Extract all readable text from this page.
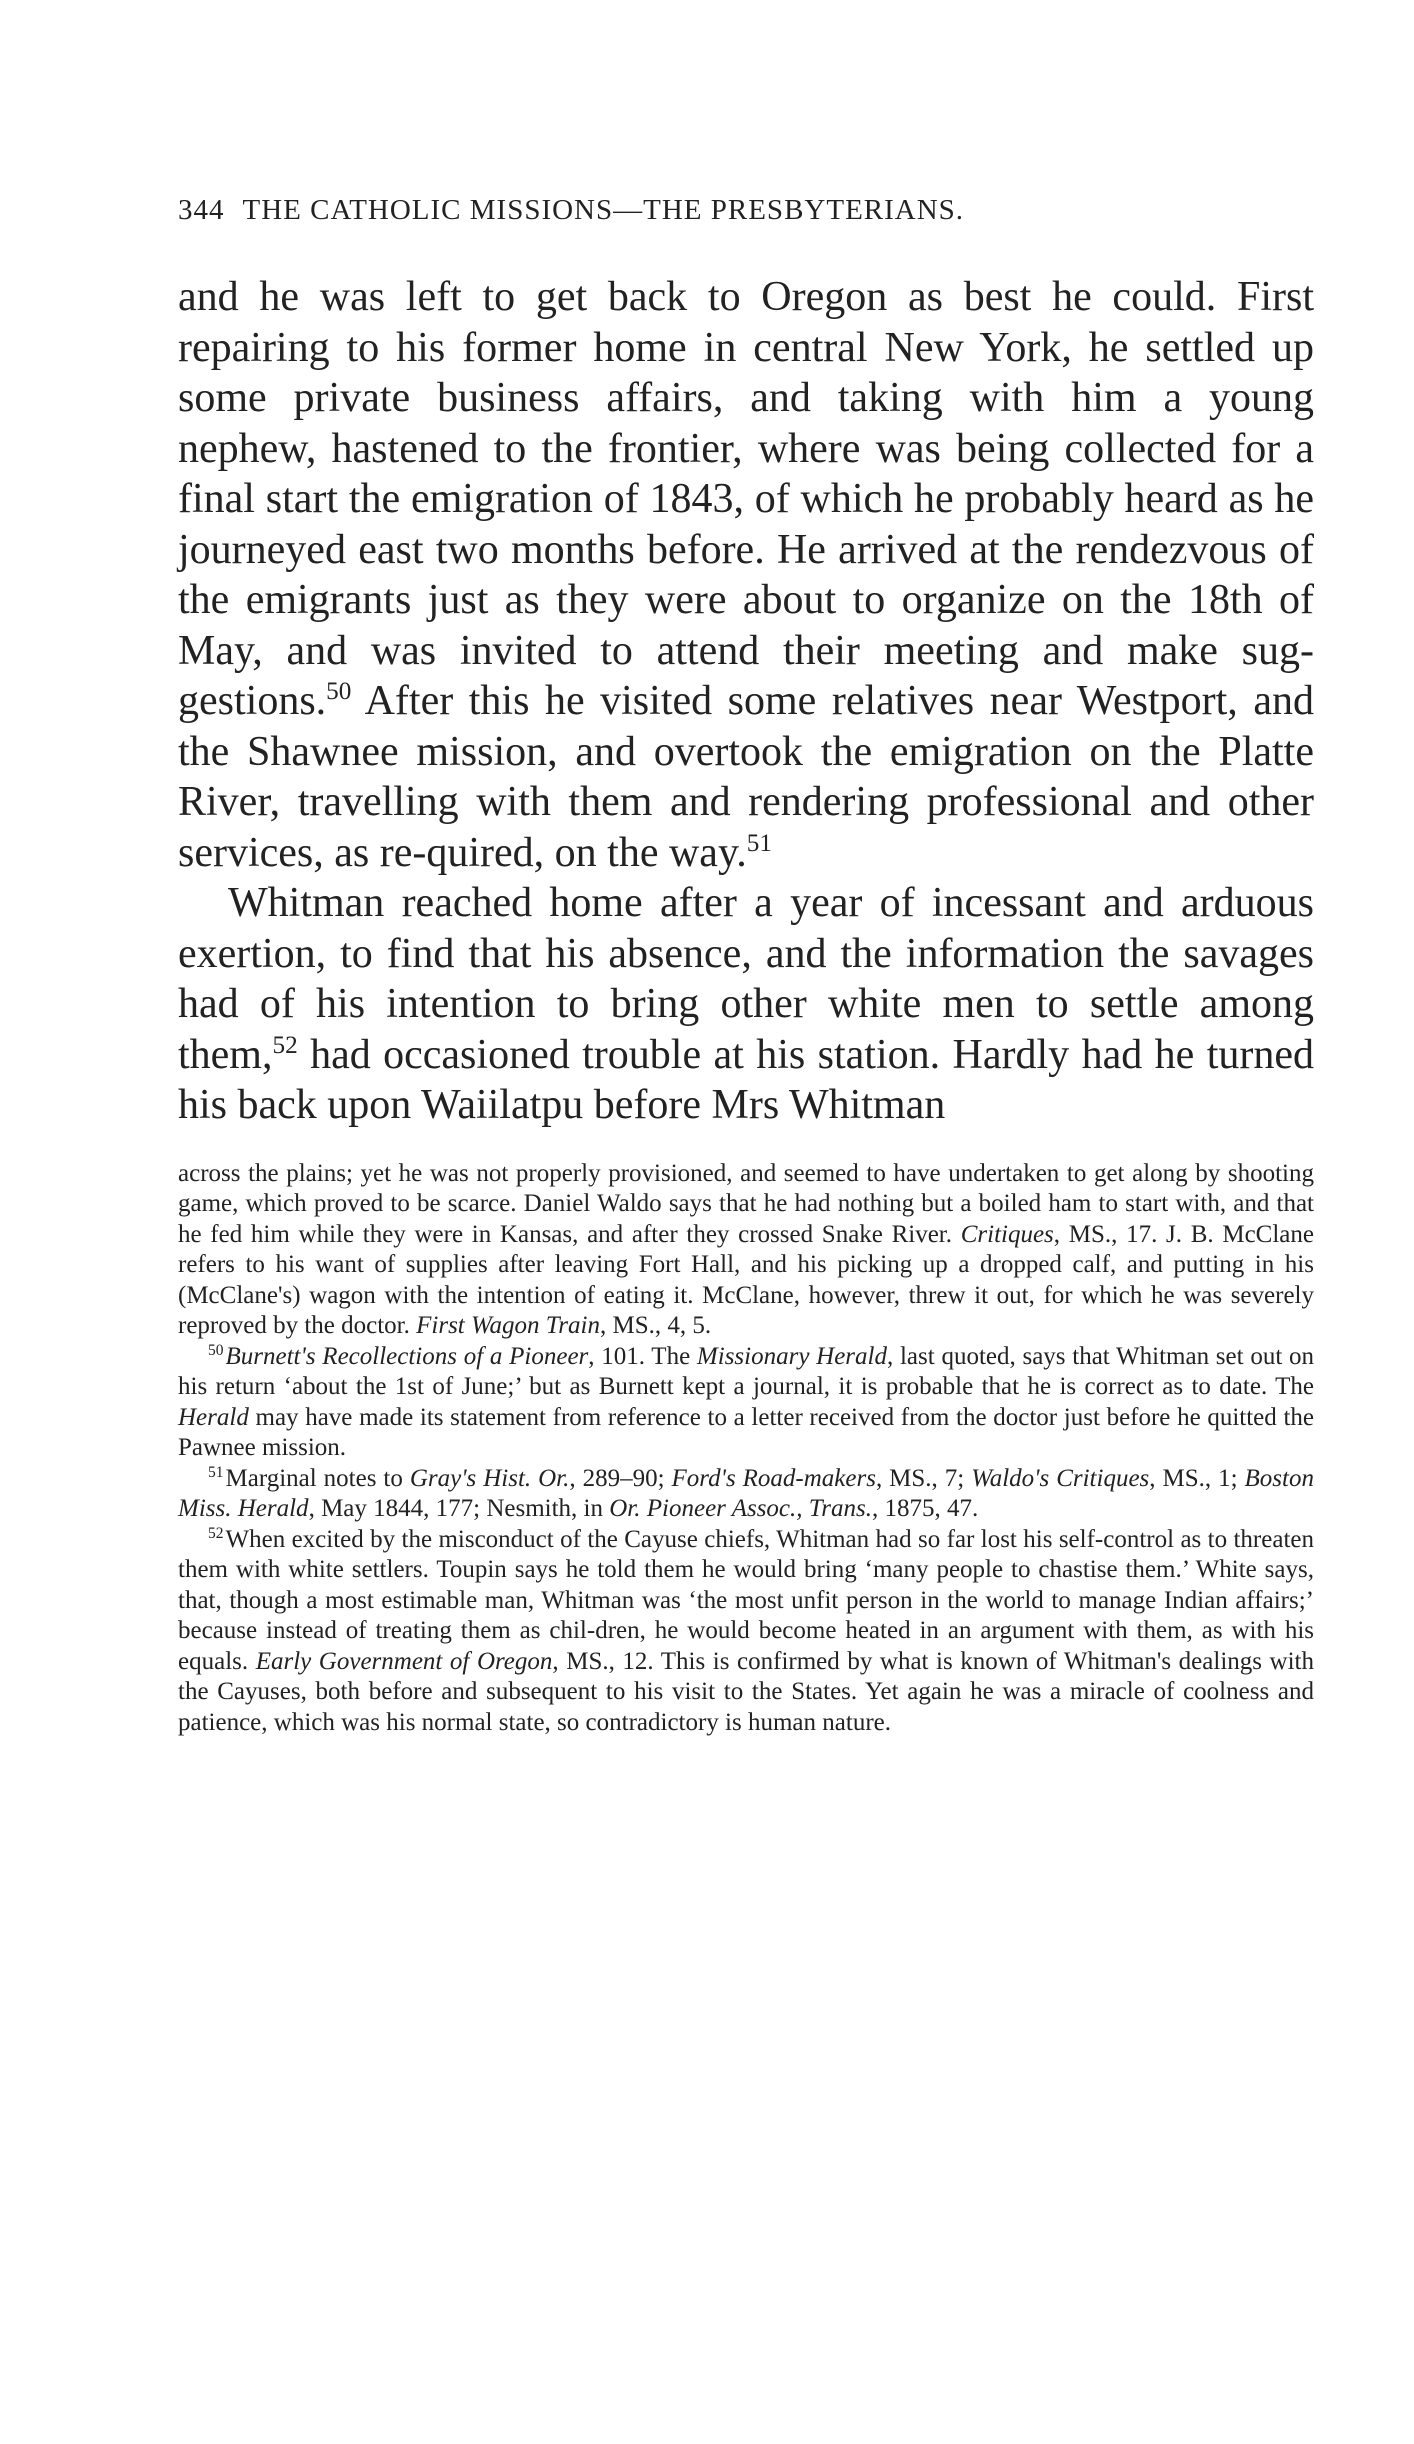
344 THE CATHOLIC MISSIONS—THE PRESBYTERIANS.

and he was left to get back to Oregon as best he could. First repairing to his former home in central New York, he settled up some private business affairs, and taking with him a young nephew, hastened to the frontier, where was being collected for a final start the emigration of 1843, of which he probably heard as he journeyed east two months before. He arrived at the rendezvous of the emigrants just as they were about to organize on the 18th of May, and was invited to attend their meeting and make sug-gestions.$^{50}$ After this he visited some relatives near Westport, and the Shawnee mission, and overtook the emigration on the Platte River, travelling with them and rendering professional and other services, as re-quired, on the way.$^{51}$

Whitman reached home after a year of incessant and arduous exertion, to find that his absence, and the information the savages had of his intention to bring other white men to settle among them,$^{52}$ had occasioned trouble at his station. Hardly had he turned his back upon Waiilatpu before Mrs Whitman

across the plains; yet he was not properly provisioned, and seemed to have undertaken to get along by shooting game, which proved to be scarce. Daniel Waldo says that he had nothing but a boiled ham to start with, and that he fed him while they were in Kansas, and after they crossed Snake River. Critiques, MS., 17. J. B. McClane refers to his want of supplies after leaving Fort Hall, and his picking up a dropped calf, and putting in his (McClane's) wagon with the intention of eating it. McClane, however, threw it out, for which he was severely reproved by the doctor. First Wagon Train, MS., 4, 5.

$^{50}$Burnett's Recollections of a Pioneer, 101. The Missionary Herald, last quoted, says that Whitman set out on his return ‘about the 1st of June;’ but as Burnett kept a journal, it is probable that he is correct as to date. The Herald may have made its statement from reference to a letter received from the doctor just before he quitted the Pawnee mission.

$^{51}$Marginal notes to Gray's Hist. Or., 289–90; Ford's Road-makers, MS., 7; Waldo's Critiques, MS., 1; Boston Miss. Herald, May 1844, 177; Nesmith, in Or. Pioneer Assoc., Trans., 1875, 47.

$^{52}$When excited by the misconduct of the Cayuse chiefs, Whitman had so far lost his self-control as to threaten them with white settlers. Toupin says he told them he would bring ‘many people to chastise them.’ White says, that, though a most estimable man, Whitman was ‘the most unfit person in the world to manage Indian affairs;’ because instead of treating them as chil-dren, he would become heated in an argument with them, as with his equals. Early Government of Oregon, MS., 12. This is confirmed by what is known of Whitman's dealings with the Cayuses, both before and subsequent to his visit to the States. Yet again he was a miracle of coolness and patience, which was his normal state, so contradictory is human nature.
